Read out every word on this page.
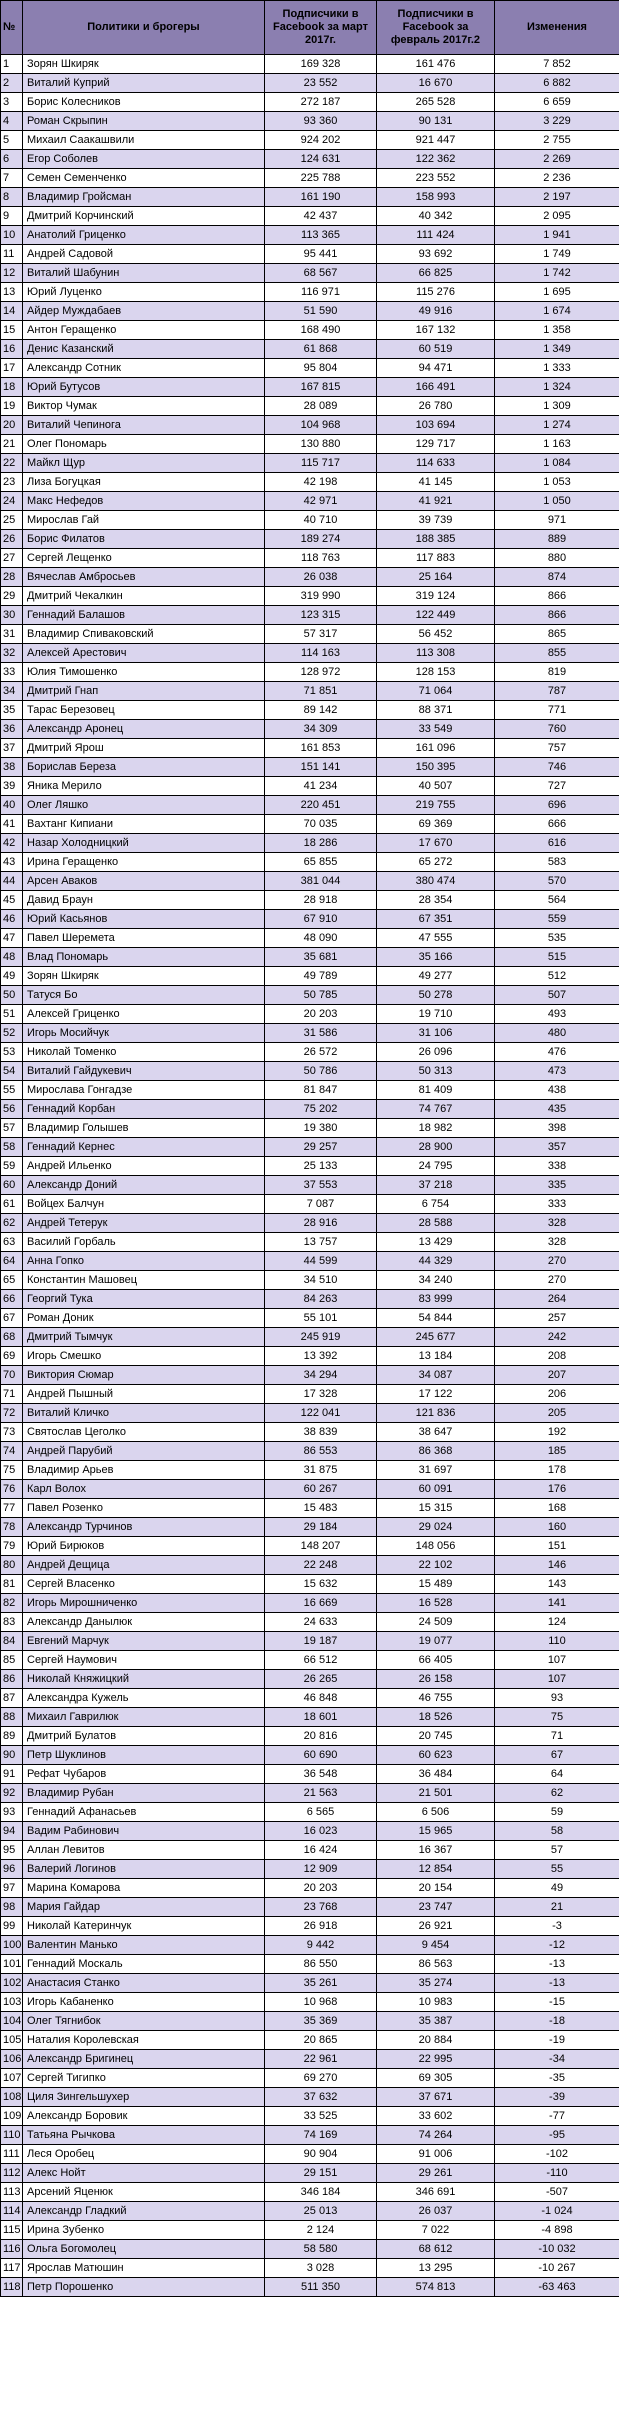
№	Политики и брогеры	Подписчики в Facebook за март 2017г.	Подписчики в Facebook за февраль 2017г.2	Изменения
1	Зорян Шкиряк	169 328	161 476	7 852
2	Виталий Куприй	23 552	16 670	6 882
3	Борис Колесников	272 187	265 528	6 659
4	Роман Скрыпин	93 360	90 131	3 229
5	Михаил Саакашвили	924 202	921 447	2 755
6	Егор Соболев	124 631	122 362	2 269
7	Семен Семенченко	225 788	223 552	2 236
8	Владимир Гройсман	161 190	158 993	2 197
9	Дмитрий Корчинский	42 437	40 342	2 095
10	Анатолий Гриценко	113 365	111 424	1 941
11	Андрей Садовой	95 441	93 692	1 749
12	Виталий Шабунин	68 567	66 825	1 742
13	Юрий Луценко	116 971	115 276	1 695
14	Айдер Муждабаев	51 590	49 916	1 674
15	Антон Геращенко	168 490	167 132	1 358
16	Денис Казанский	61 868	60 519	1 349
17	Александр Сотник	95 804	94 471	1 333
18	Юрий Бутусов	167 815	166 491	1 324
19	Виктор Чумак	28 089	26 780	1 309
20	Виталий Чепинога	104 968	103 694	1 274
21	Олег Пономарь	130 880	129 717	1 163
22	Майкл Щур	115 717	114 633	1 084
23	Лиза Богуцкая	42 198	41 145	1 053
24	Макс Нефедов	42 971	41 921	1 050
25	Мирослав Гай	40 710	39 739	971
26	Борис Филатов	189 274	188 385	889
27	Сергей Лещенко	118 763	117 883	880
28	Вячеслав Амбросьев	26 038	25 164	874
29	Дмитрий Чекалкин	319 990	319 124	866
30	Геннадий Балашов	123 315	122 449	866
31	Владимир Спиваковский	57 317	56 452	865
32	Алексей Арестович	114 163	113 308	855
33	Юлия Тимошенко	128 972	128 153	819
34	Дмитрий Гнап	71 851	71 064	787
35	Тарас Березовец	89 142	88 371	771
36	Александр Аронец	34 309	33 549	760
37	Дмитрий Ярош	161 853	161 096	757
38	Борислав Береза	151 141	150 395	746
39	Яника Мерило	41 234	40 507	727
40	Олег Ляшко	220 451	219 755	696
41	Вахтанг Кипиани	70 035	69 369	666
42	Назар Холодницкий	18 286	17 670	616
43	Ирина Геращенко	65 855	65 272	583
44	Арсен Аваков	381 044	380 474	570
45	Давид Браун	28 918	28 354	564
46	Юрий Касьянов	67 910	67 351	559
47	Павел Шеремета	48 090	47 555	535
48	Влад Пономарь	35 681	35 166	515
49	Зорян Шкиряк	49 789	49 277	512
50	Татуся Бо	50 785	50 278	507
51	Алексей Гриценко	20 203	19 710	493
52	Игорь Мосийчук	31 586	31 106	480
53	Николай Томенко	26 572	26 096	476
54	Виталий Гайдукевич	50 786	50 313	473
55	Мирослава Гонгадзе	81 847	81 409	438
56	Геннадий Корбан	75 202	74 767	435
57	Владимир Голышев	19 380	18 982	398
58	Геннадий Кернес	29 257	28 900	357
59	Андрей Ильенко	25 133	24 795	338
60	Александр Доний	37 553	37 218	335
61	Войцех Балчун	7 087	6 754	333
62	Андрей Тетерук	28 916	28 588	328
63	Василий Горбаль	13 757	13 429	328
64	Анна Гопко	44 599	44 329	270
65	Константин Машовец	34 510	34 240	270
66	Георгий Тука	84 263	83 999	264
67	Роман Доник	55 101	54 844	257
68	Дмитрий Тымчук	245 919	245 677	242
69	Игорь Смешко	13 392	13 184	208
70	Виктория Сюмар	34 294	34 087	207
71	Андрей Пышный	17 328	17 122	206
72	Виталий Кличко	122 041	121 836	205
73	Святослав Цеголко	38 839	38 647	192
74	Андрей Парубий	86 553	86 368	185
75	Владимир Арьев	31 875	31 697	178
76	Карл Волох	60 267	60 091	176
77	Павел Розенко	15 483	15 315	168
78	Александр Турчинов	29 184	29 024	160
79	Юрий Бирюков	148 207	148 056	151
80	Андрей Дещица	22 248	22 102	146
81	Сергей Власенко	15 632	15 489	143
82	Игорь Мирошниченко	16 669	16 528	141
83	Александр Данылюк	24 633	24 509	124
84	Евгений Марчук	19 187	19 077	110
85	Сергей Наумович	66 512	66 405	107
86	Николай Княжицкий	26 265	26 158	107
87	Александра Кужель	46 848	46 755	93
88	Михаил Гаврилюк	18 601	18 526	75
89	Дмитрий Булатов	20 816	20 745	71
90	Петр Шуклинов	60 690	60 623	67
91	Рефат Чубаров	36 548	36 484	64
92	Владимир Рубан	21 563	21 501	62
93	Геннадий Афанасьев	6 565	6 506	59
94	Вадим Рабинович	16 023	15 965	58
95	Аллан Левитов	16 424	16 367	57
96	Валерий Логинов	12 909	12 854	55
97	Марина Комарова	20 203	20 154	49
98	Мария Гайдар	23 768	23 747	21
99	Николай Катеринчук	26 918	26 921	-3
100	Валентин Манько	9 442	9 454	-12
101	Геннадий Москаль	86 550	86 563	-13
102	Анастасия Станко	35 261	35 274	-13
103	Игорь Кабаненко	10 968	10 983	-15
104	Олег Тягнибок	35 369	35 387	-18
105	Наталия Королевская	20 865	20 884	-19
106	Александр Бригинец	22 961	22 995	-34
107	Сергей Тигипко	69 270	69 305	-35
108	Циля Зингельшухер	37 632	37 671	-39
109	Александр Боровик	33 525	33 602	-77
110	Татьяна Рычкова	74 169	74 264	-95
111	Леся Оробец	90 904	91 006	-102
112	Алекс Нойт	29 151	29 261	-110
113	Арсений Яценюк	346 184	346 691	-507
114	Александр Гладкий	25 013	26 037	-1 024
115	Ирина Зубенко	2 124	7 022	-4 898
116	Ольга Богомолец	58 580	68 612	-10 032
117	Ярослав Матюшин	3 028	13 295	-10 267
118	Петр Порошенко	511 350	574 813	-63 463
